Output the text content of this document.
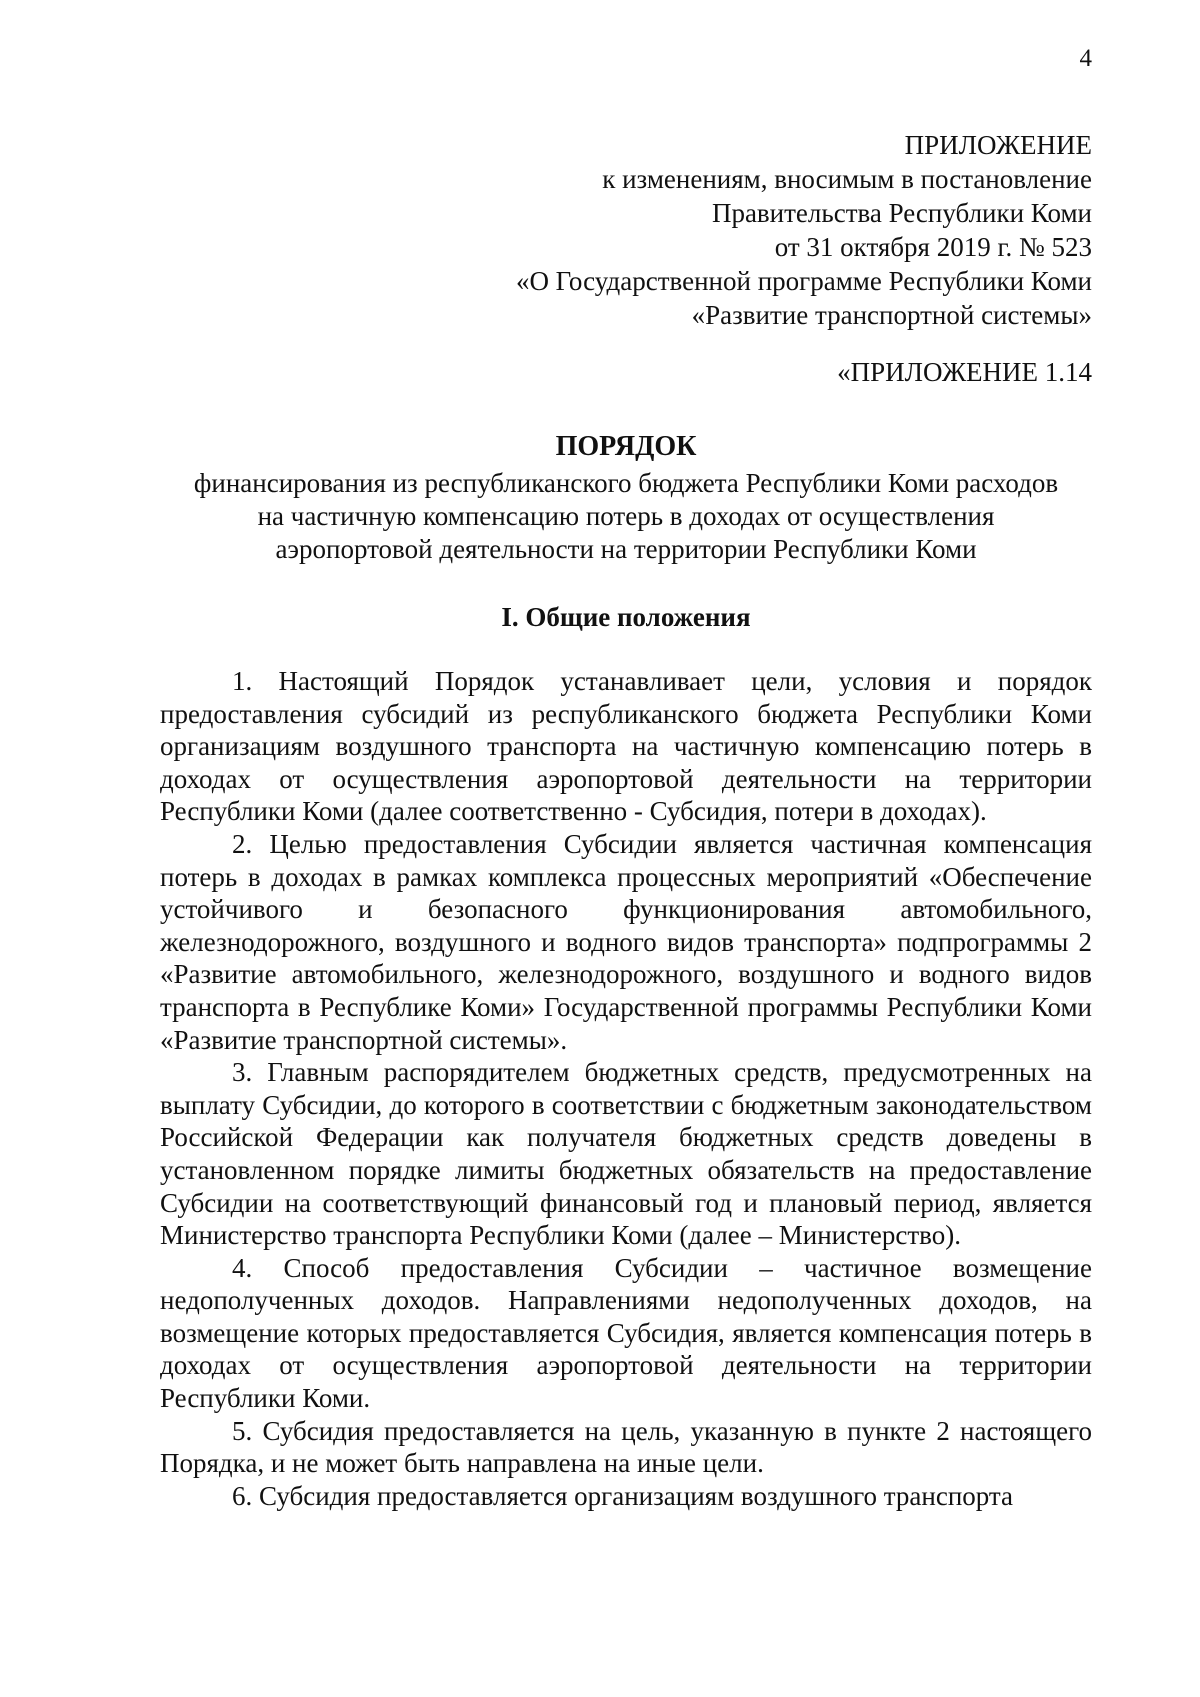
4
ПРИЛОЖЕНИЕ
к изменениям, вносимым в постановление
Правительства Республики Коми
от 31 октября 2019 г. № 523
«О Государственной программе Республики Коми
«Развитие транспортной системы»
«ПРИЛОЖЕНИЕ 1.14
ПОРЯДОК
финансирования из республиканского бюджета Республики Коми расходов
на частичную компенсацию потерь в доходах от осуществления
аэропортовой деятельности на территории Республики Коми
I. Общие положения

1. Настоящий Порядок устанавливает цели, условия и порядок предоставления субсидий из республиканского бюджета Республики Коми организациям воздушного транспорта на частичную компенсацию потерь в доходах от осуществления аэропортовой деятельности на территории Республики Коми (далее соответственно - Субсидия, потери в доходах).

2. Целью предоставления Субсидии является частичная компенсация потерь в доходах в рамках комплекса процессных мероприятий «Обеспечение устойчивого и безопасного функционирования автомобильного, железнодорожного, воздушного и водного видов транспорта» подпрограммы 2 «Развитие автомобильного, железнодорожного, воздушного и водного видов транспорта в Республике Коми» Государственной программы Республики Коми «Развитие транспортной системы».

3. Главным распорядителем бюджетных средств, предусмотренных на выплату Субсидии, до которого в соответствии с бюджетным законодательством Российской Федерации как получателя бюджетных средств доведены в установленном порядке лимиты бюджетных обязательств на предоставление Субсидии на соответствующий финансовый год и плановый период, является Министерство транспорта Республики Коми (далее – Министерство).

4. Способ предоставления Субсидии – частичное возмещение недополученных доходов. Направлениями недополученных доходов, на возмещение которых предоставляется Субсидия, является компенсация потерь в доходах от осуществления аэропортовой деятельности на территории Республики Коми.

5. Субсидия предоставляется на цель, указанную в пункте 2 настоящего Порядка, и не может быть направлена на иные цели.

6. Субсидия предоставляется организациям воздушного транспорта
